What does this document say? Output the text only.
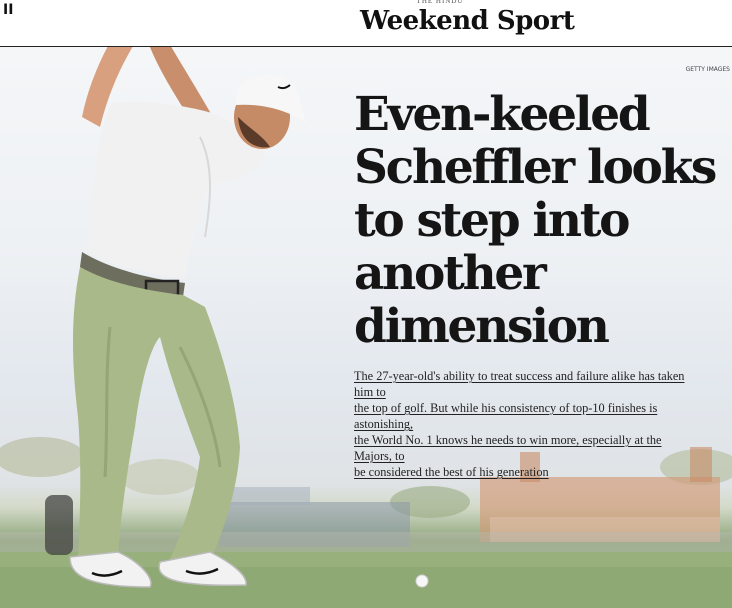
II
THE HINDU
Weekend Sport
GETTY IMAGES
Even-keeled
Scheffler looks
to step into
another
dimension
The 27-year-old's ability to treat success and failure alike has taken him to
the top of golf. But while his consistency of top-10 finishes is astonishing,
the World No. 1 knows he needs to win more, especially at the Majors, to
be considered the best of his generation
